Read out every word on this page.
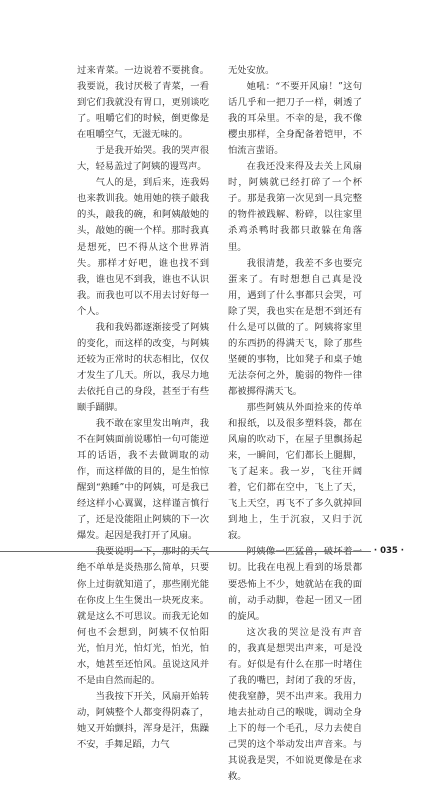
过来青菜。一边说着不要挑食。我要说，我讨厌极了青菜，一看到它们我就没有胃口，更别谈吃了。咀嚼它们的时候，倒更像是在咀嚼空气，无滋无味的。

于是我开始哭。我的哭声很大，轻易盖过了阿姨的谩骂声。

气人的是，到后来，连我妈也来教训我。她用她的筷子敲我的头，敲我的碗，和阿姨敲她的头，敲她的碗一个样。那时我真是想死，巴不得从这个世界消失。那样才好吧，谁也找不到我，谁也见不到我，谁也不认识我。而我也可以不用去讨好每一个人。

我和我妈都逐渐接受了阿姨的变化，而这样的改变，与阿姨还较为正常时的状态相比，仅仅才发生了几天。所以，我尽力地去依托自己的身段，甚至于有些颐手踊脚。

我不敢在家里发出响声，我不在阿姨面前说哪怕一句可能逆耳的话语，我不去做调取的动作，而这样做的目的，是生怕惊醒到“熟睡”中的阿姨，可是我已经这样小心翼翼，这样谨言慎行了，还是没能阻止阿姨的下一次爆发。起因是我打开了风扇。

我要说明一下，那时的天气绝不单单是炎热那么简单，只要你上过街就知道了，那些刚光能在你皮上生生煲出一块死皮来。就是这么不可思议。而我无论如何也不会想到，阿姨不仅怕阳光，怕月光，怕灯光，怕光，怕水，她甚至还怕风。虽说这风并不是由自然而起的。

当我按下开关，风扇开始转动，阿姨整个人都变得阴森了，她又开始颤抖，浑身是汗，焦躁不安，手舞足蹈，力气

无处安放。

她吼：“不要开风扇！”这句话几乎和一把刀子一样，刺透了我的耳朵里。不幸的是，我不像樱虫那样，全身配备着铠甲，不怕流言蜚语。

在我还没来得及去关上风扇时，阿姨就已经打碎了一个杯子。那是我第一次见到一具完整的物件被践解、粉碎，以往家里杀鸡杀鸭时我都只敢躲在角落里。

我很清楚，我差不多也要完蛋来了。有时想想自己真是没用，遇到了什么事都只会哭，可除了哭，我也实在是想不到还有什么是可以做的了。阿姨将家里的东西扔的得满天飞，除了那些坚硬的事物，比如凳子和桌子她无法奈何之外，脆弱的物件一律都被掷得满天飞。

那些阿姨从外面捡来的传单和报纸，以及很多塑料袋，都在风扇的吹动下，在屋子里飘扬起来，一瞬间，它们都长上腿脚，飞了起来。我一岁，飞往开阔着，它们都在空中，飞上了天，飞上天空，再飞不了多久就掉回到地上，生于沉寂，又归于沉寂。

阿姨像一匹猛兽，破坏着一切。比我在电视上看到的场景都要恐怖上不少，她就站在我的面前，动手动脚，卷起一团又一团的旋风。

这次我的哭泣是没有声音的，我真是想哭出声来，可是没有。好似是有什么在那一时堵住了我的嘴巴，封闭了我的牙齿，使我窒静，哭不出声来。我用力地去扯动自己的喉咙，调动全身上下的每一个毛孔，尽力去使自己哭的这个举动发出声音来。与其说我是哭，不如说更像是在求救。

· 035 ·
